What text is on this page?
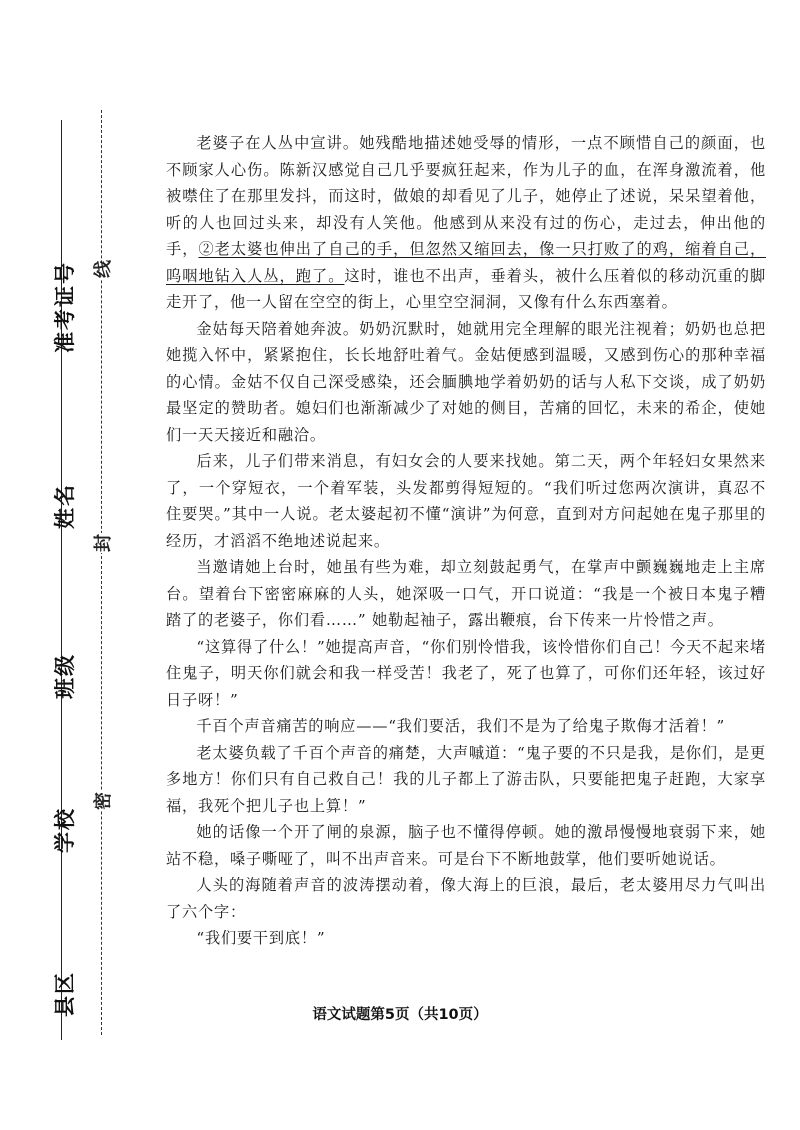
准考证号
姓名
班级
学校
县区
线
封
密

老婆子在人丛中宣讲。她残酷地描述她受辱的情形，一点不顾惜自己的颜面，也不顾家人心伤。陈新汉感觉自己几乎要疯狂起来，作为儿子的血，在浑身激流着，他被噤住了在那里发抖，而这时，做娘的却看见了儿子，她停止了述说，呆呆望着他，听的人也回过头来，却没有人笑他。他感到从来没有过的伤心，走过去，伸出他的手，②老太婆也伸出了自己的手，但忽然又缩回去，像一只打败了的鸡，缩着自己，呜咽地钻入人丛，跑了。这时，谁也不出声，垂着头，被什么压着似的移动沉重的脚走开了，他一人留在空空的街上，心里空空洞洞，又像有什么东西塞着。

金姑每天陪着她奔波。奶奶沉默时，她就用完全理解的眼光注视着；奶奶也总把她揽入怀中，紧紧抱住，长长地舒吐着气。金姑便感到温暖，又感到伤心的那种幸福的心情。金姑不仅自己深受感染，还会腼腆地学着奶奶的话与人私下交谈，成了奶奶最坚定的赞助者。媳妇们也渐渐减少了对她的侧目，苦痛的回忆，未来的希企，使她们一天天接近和融洽。

后来，儿子们带来消息，有妇女会的人要来找她。第二天，两个年轻妇女果然来了，一个穿短衣，一个着军装，头发都剪得短短的。“我们听过您两次演讲，真忍不住要哭。”其中一人说。老太婆起初不懂“演讲”为何意，直到对方问起她在鬼子那里的经历，才滔滔不绝地述说起来。

当邀请她上台时，她虽有些为难，却立刻鼓起勇气，在掌声中颤巍巍地走上主席台。望着台下密密麻麻的人头，她深吸一口气，开口说道：“我是一个被日本鬼子糟踏了的老婆子，你们看……” 她勒起袖子，露出鞭痕，台下传来一片怜惜之声。

“这算得了什么！”她提高声音，“你们别怜惜我，该怜惜你们自己！今天不起来堵住鬼子，明天你们就会和我一样受苦！我老了，死了也算了，可你们还年轻，该过好日子呀！”

千百个声音痛苦的响应——“我们要活，我们不是为了给鬼子欺侮才活着！”

老太婆负载了千百个声音的痛楚，大声嘁道：“鬼子要的不只是我，是你们，是更多地方！你们只有自己救自己！我的儿子都上了游击队，只要能把鬼子赶跑，大家享福，我死个把儿子也上算！”

她的话像一个开了闸的泉源，脑子也不懂得停顿。她的激昂慢慢地衰弱下来，她站不稳，嗓子嘶哑了，叫不出声音来。可是台下不断地鼓掌，他们要听她说话。

人头的海随着声音的波涛摆动着，像大海上的巨浪，最后，老太婆用尽力气叫出了六个字：

“我们要干到底！”

语文试题第5页（共10页）
